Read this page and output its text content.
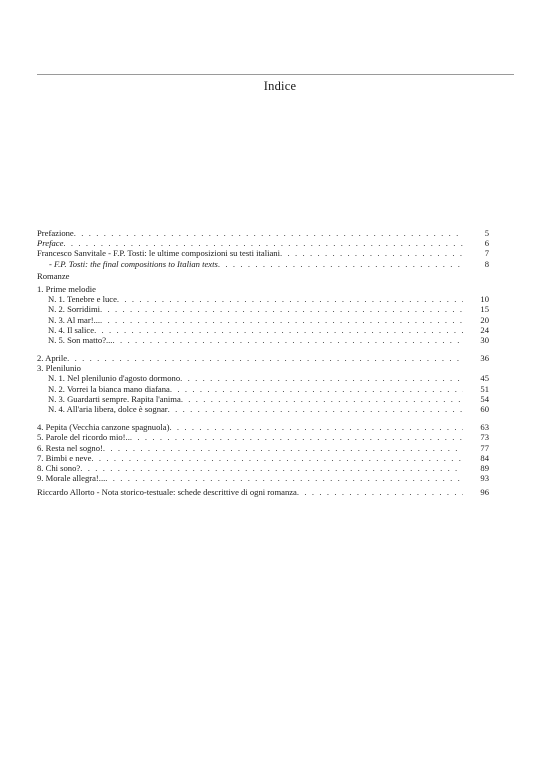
Indice
Prefazione . . .	5
Preface . . .	6
Francesco Sanvitale - F.P. Tosti: le ultime composizioni su testi italiani . . .	7
- F.P. Tosti: the final compositions to Italian texts . . .	8
Romanze
1. Prime melodie
N. 1. Tenebre e luce . . .	10
N. 2. Sorridimi . . .	15
N. 3. Al mar!... . . .	20
N. 4. Il salice . . .	24
N. 5. Son matto?... . . .	30
2. Aprile . . .	36
3. Plenilunio
N. 1. Nel plenilunio d'agosto dormono . . .	45
N. 2. Vorrei la bianca mano diafana . . .	51
N. 3. Guardarti sempre. Rapita l'anima . . .	54
N. 4. All'aria libera, dolce è sognar . . .	60
4. Pepita (Vecchia canzone spagnuola) . . .	63
5. Parole del ricordo mio!.. . . .	73
6. Resta nel sogno! . . .	77
7. Bimbi e neve . . .	84
8. Chi sono? . . .	89
9. Morale allegra!... . . .	93
Riccardo Allorto - Nota storico-testuale: schede descrittive di ogni romanza . . .	96
